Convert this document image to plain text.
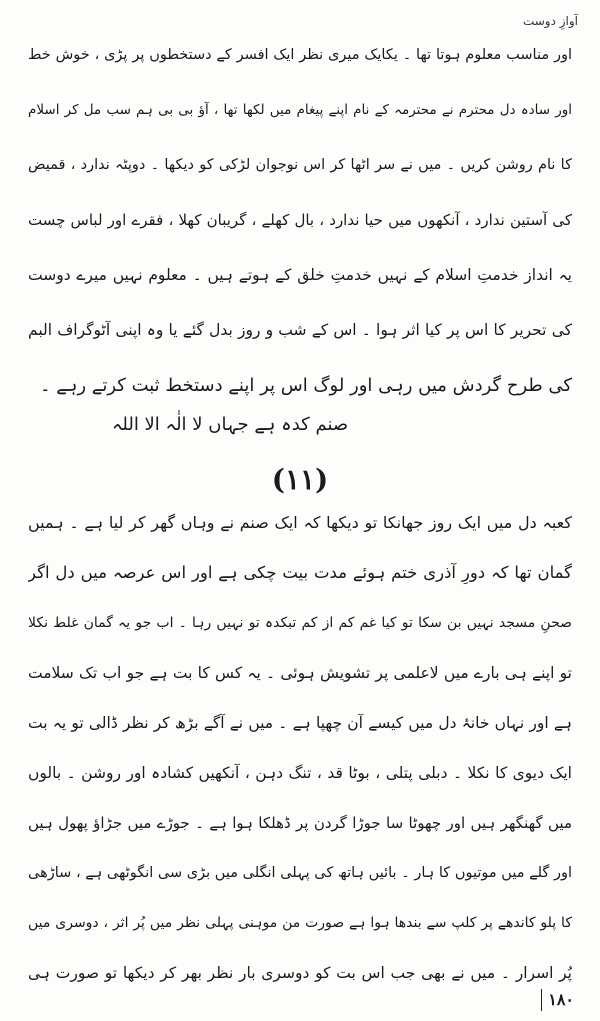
آوازِ دوست
اور مناسب معلوم ہوتا تھا ۔ یکایک میری نظر ایک افسر کے دستخطوں پر پڑی ، خوش خط
اور سادہ دل محترم نے محترمہ کے نام اپنے پیغام میں لکھا تھا ، آؤ بی بی ہم سب مل کر اسلام
کا نام روشن کریں ۔ میں نے سر اٹھا کر اس نوجوان لڑکی کو دیکھا ۔ دوپٹہ ندارد ، قمیض
کی آستین ندارد ، آنکھوں میں حیا ندارد ، بال کھلے ، گریبان کھلا ، فقرے اور لباس چست
یہ انداز خدمتِ اسلام کے نہیں خدمتِ خلق کے ہوتے ہیں ۔ معلوم نہیں میرے دوست
کی تحریر کا اس پر کیا اثر ہوا ۔ اس کے شب و روز بدل گئے یا وہ اپنی آٹوگراف البم
کی طرح گردش میں رہی اور لوگ اس پر اپنے دستخط ثبت کرتے رہے ۔
صنم کدہ ہے جہاں لا الٰہ الا اللہ
(۱۱)
کعبہ دل میں ایک روز جھانکا تو دیکھا کہ ایک صنم نے وہاں گھر کر لیا ہے ۔ ہمیں
گمان تھا کہ دورِ آذری ختم ہوئے مدت بیت چکی ہے اور اس عرصہ میں دل اگر
صحنِ مسجد نہیں بن سکا تو کیا غم کم از کم تبکدہ تو نہیں رہا ۔ اب جو یہ گمان غلط نکلا
تو اپنے ہی بارے میں لاعلمی پر تشویش ہوئی ۔ یہ کس کا بت ہے جو اب تک سلامت
ہے اور نہاں خانۂ دل میں کیسے آن چھپا ہے ۔ میں نے آگے بڑھ کر نظر ڈالی تو یہ بت
ایک دیوی کا نکلا ۔ دبلی پتلی ، بوٹا قد ، تنگ دہن ، آنکھیں کشادہ اور روشن ۔ بالوں
میں گھنگھر ہیں اور چھوٹا سا جوڑا گردن پر ڈھلکا ہوا ہے ۔ جوڑے میں جڑاؤ پھول ہیں
اور گلے میں موتیوں کا ہار ۔ بائیں ہاتھ کی پہلی انگلی میں بڑی سی انگوٹھی ہے ، ساڑھی
کا پلو کاندھے پر کلپ سے بندھا ہوا ہے صورت من موہنی پہلی نظر میں پُر اثر ، دوسری میں
پُر اسرار ۔ میں نے بھی جب اس بت کو دوسری بار نظر بھر کر دیکھا تو صورت ہی
۱۸۰
